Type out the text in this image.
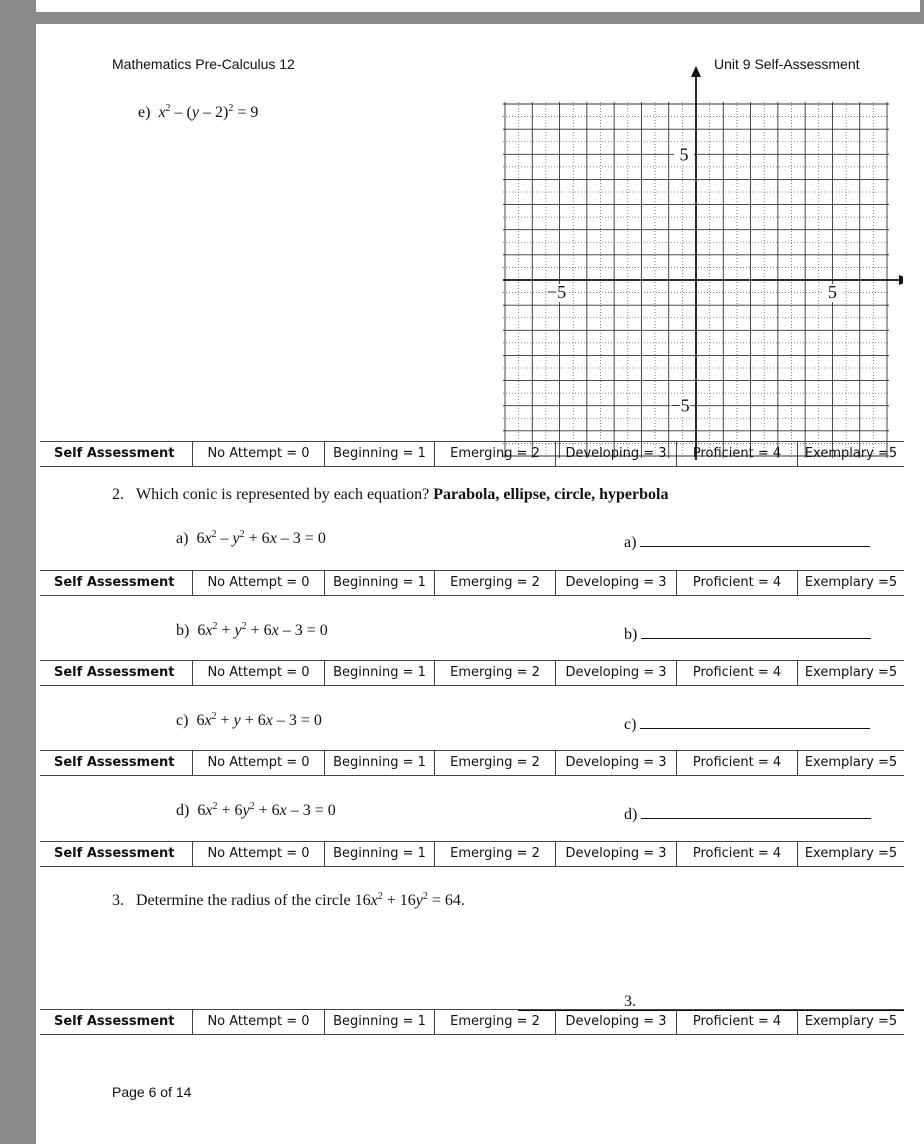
Mathematics Pre-Calculus 12	Unit 9 Self-Assessment
e) $x^2 - (y - 2)^2 = 9$
−5	5
5
−5
Self Assessment	No Attempt = 0	Beginning = 1	Emerging = 2	Developing = 3	Proficient = 4	Exemplary =5
2. Which conic is represented by each equation? Parabola, ellipse, circle, hyperbola
a) $6x^2 - y^2 + 6x - 3 = 0$	a)
Self Assessment	No Attempt = 0	Beginning = 1	Emerging = 2	Developing = 3	Proficient = 4	Exemplary =5
b) $6x^2 + y^2 + 6x - 3 = 0$	b)
Self Assessment	No Attempt = 0	Beginning = 1	Emerging = 2	Developing = 3	Proficient = 4	Exemplary =5
c) $6x^2 + y + 6x - 3 = 0$	c)
Self Assessment	No Attempt = 0	Beginning = 1	Emerging = 2	Developing = 3	Proficient = 4	Exemplary =5
d) $6x^2 + 6y^2 + 6x - 3 = 0$	d)
Self Assessment	No Attempt = 0	Beginning = 1	Emerging = 2	Developing = 3	Proficient = 4	Exemplary =5
3. Determine the radius of the circle $16x^2 + 16y^2 = 64$.
3.
Self Assessment	No Attempt = 0	Beginning = 1	Emerging = 2	Developing = 3	Proficient = 4	Exemplary =5
Page 6 of 14
